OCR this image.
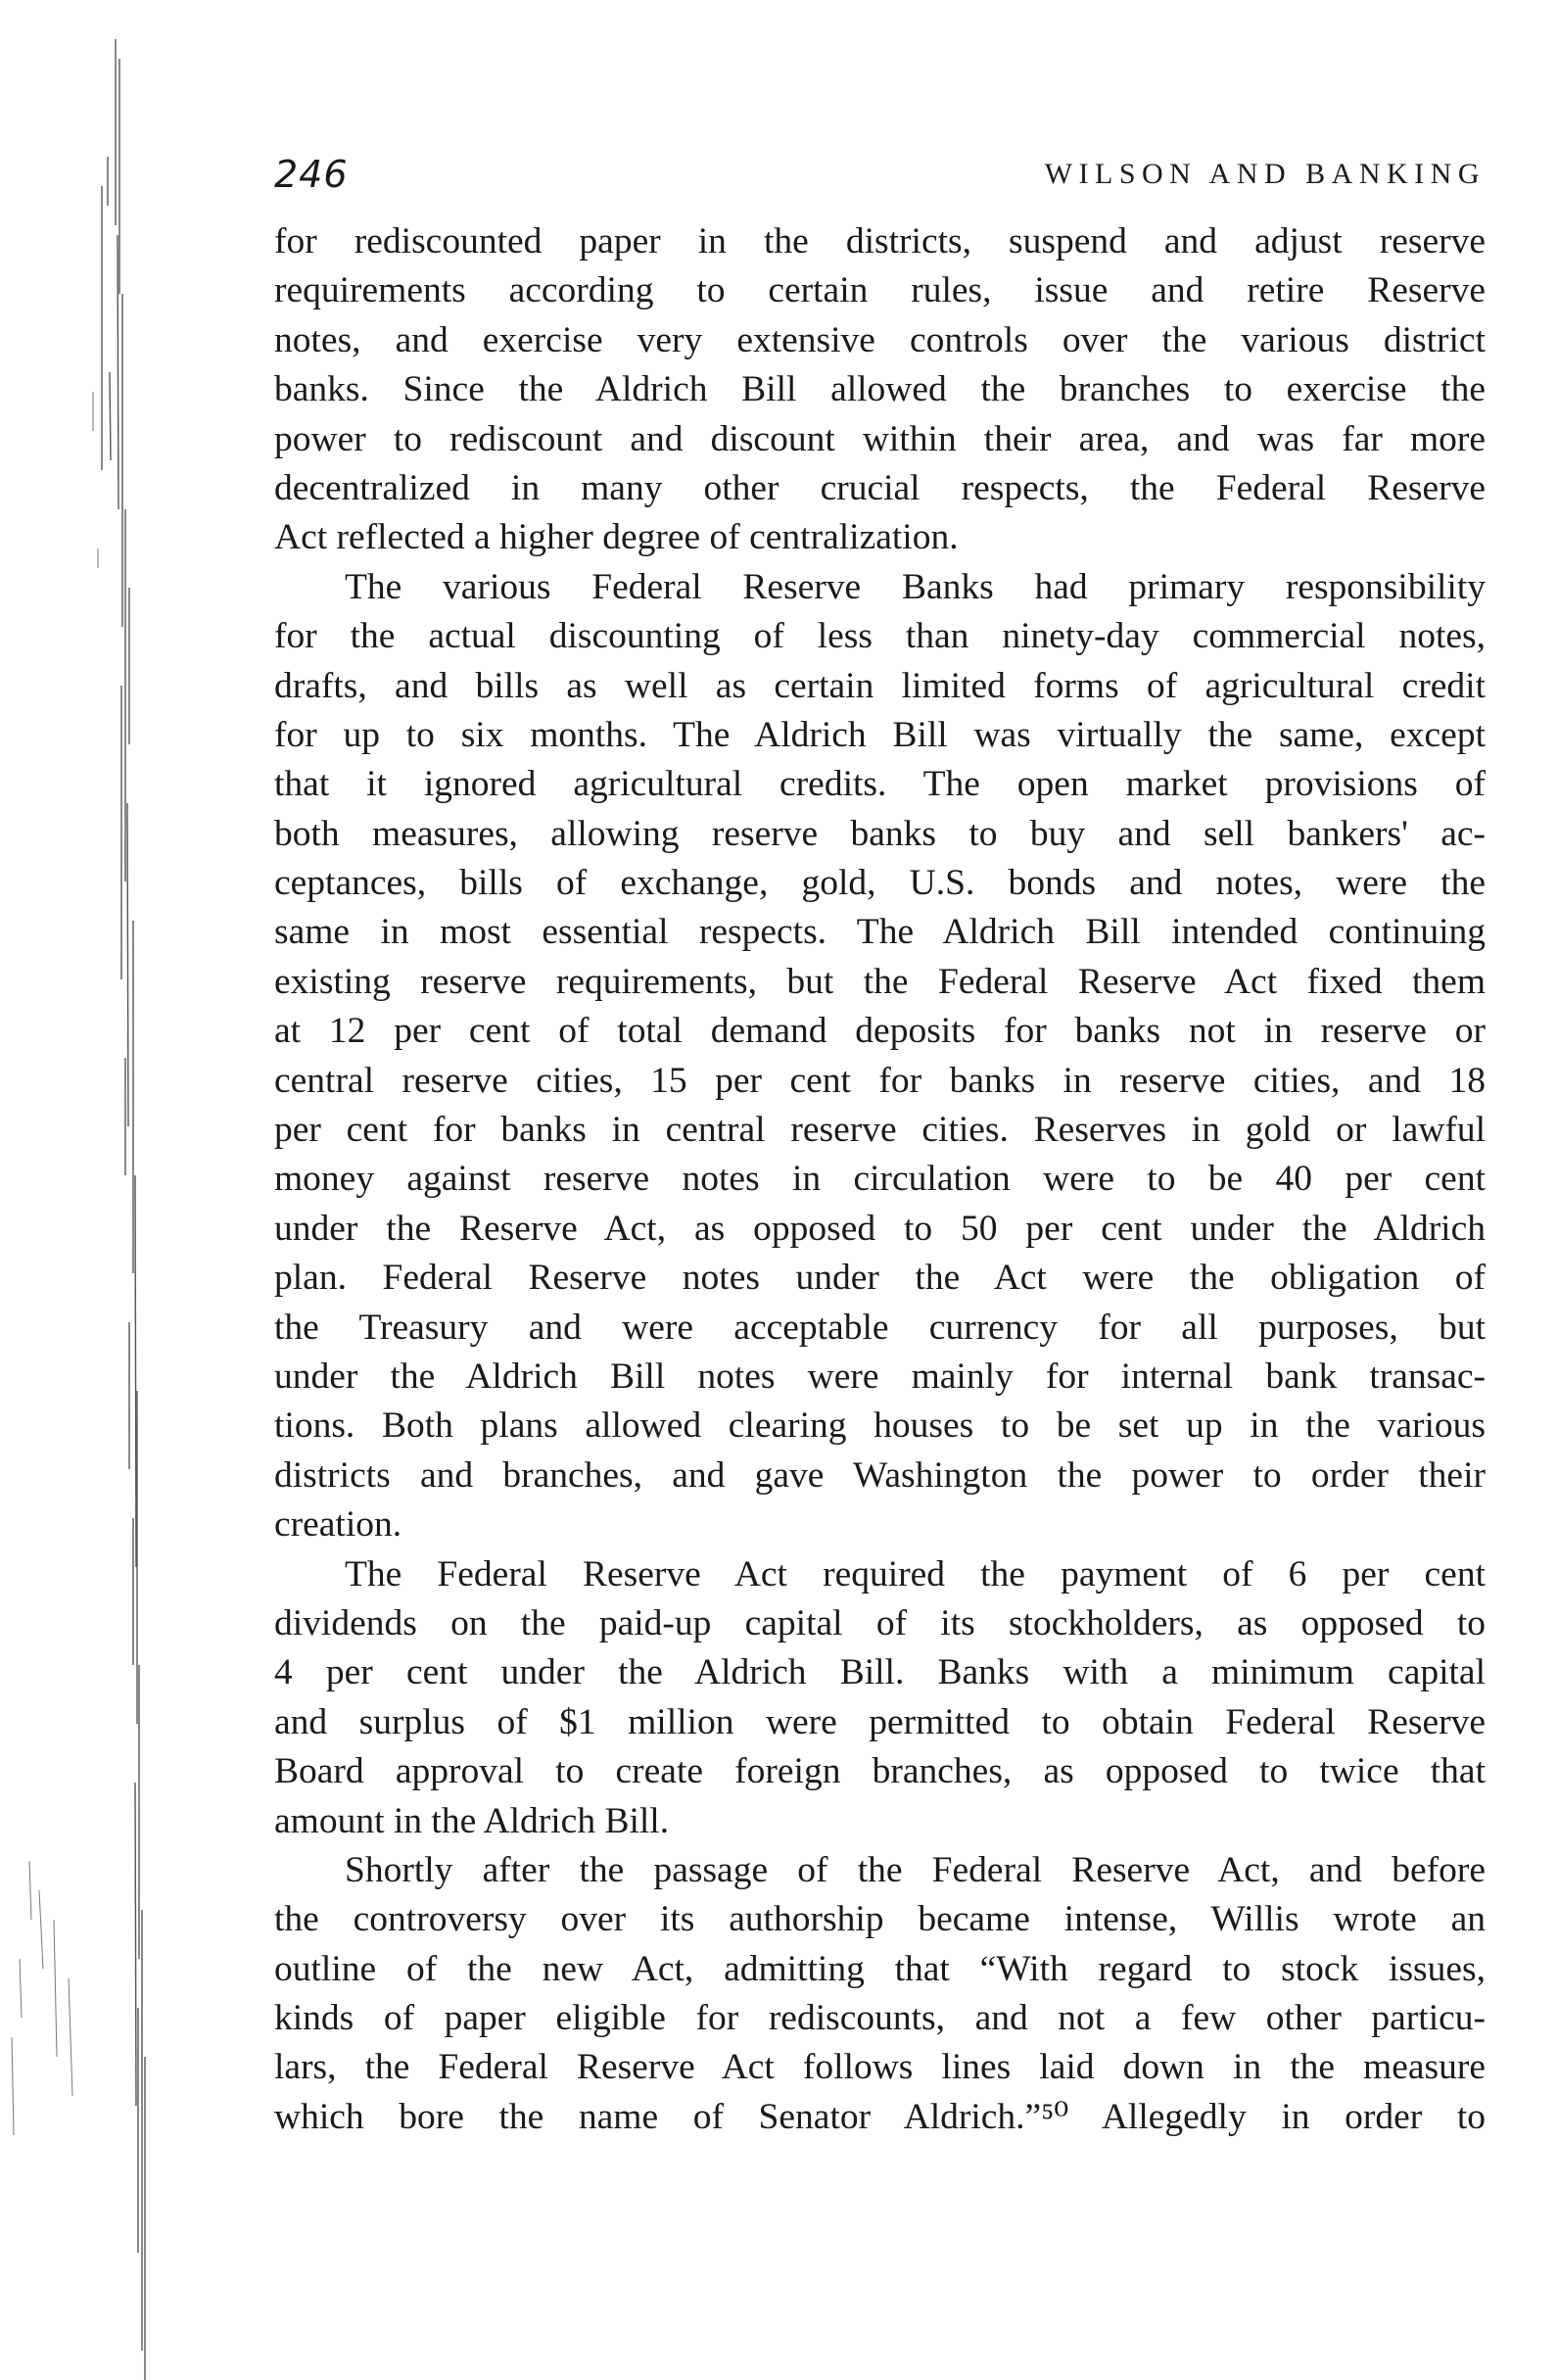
246	WILSON AND BANKING
for rediscounted paper in the districts, suspend and adjust reserve
requirements according to certain rules, issue and retire Reserve
notes, and exercise very extensive controls over the various district
banks. Since the Aldrich Bill allowed the branches to exercise the
power to rediscount and discount within their area, and was far more
decentralized in many other crucial respects, the Federal Reserve
Act reflected a higher degree of centralization.
The various Federal Reserve Banks had primary responsibility
for the actual discounting of less than ninety-day commercial notes,
drafts, and bills as well as certain limited forms of agricultural credit
for up to six months. The Aldrich Bill was virtually the same, except
that it ignored agricultural credits. The open market provisions of
both measures, allowing reserve banks to buy and sell bankers' ac-
ceptances, bills of exchange, gold, U.S. bonds and notes, were the
same in most essential respects. The Aldrich Bill intended continuing
existing reserve requirements, but the Federal Reserve Act fixed them
at 12 per cent of total demand deposits for banks not in reserve or
central reserve cities, 15 per cent for banks in reserve cities, and 18
per cent for banks in central reserve cities. Reserves in gold or lawful
money against reserve notes in circulation were to be 40 per cent
under the Reserve Act, as opposed to 50 per cent under the Aldrich
plan. Federal Reserve notes under the Act were the obligation of
the Treasury and were acceptable currency for all purposes, but
under the Aldrich Bill notes were mainly for internal bank transac-
tions. Both plans allowed clearing houses to be set up in the various
districts and branches, and gave Washington the power to order their
creation.
The Federal Reserve Act required the payment of 6 per cent
dividends on the paid-up capital of its stockholders, as opposed to
4 per cent under the Aldrich Bill. Banks with a minimum capital
and surplus of $1 million were permitted to obtain Federal Reserve
Board approval to create foreign branches, as opposed to twice that
amount in the Aldrich Bill.
Shortly after the passage of the Federal Reserve Act, and before
the controversy over its authorship became intense, Willis wrote an
outline of the new Act, admitting that “With regard to stock issues,
kinds of paper eligible for rediscounts, and not a few other particu-
lars, the Federal Reserve Act follows lines laid down in the measure
which bore the name of Senator Aldrich.”⁵⁰ Allegedly in order to
